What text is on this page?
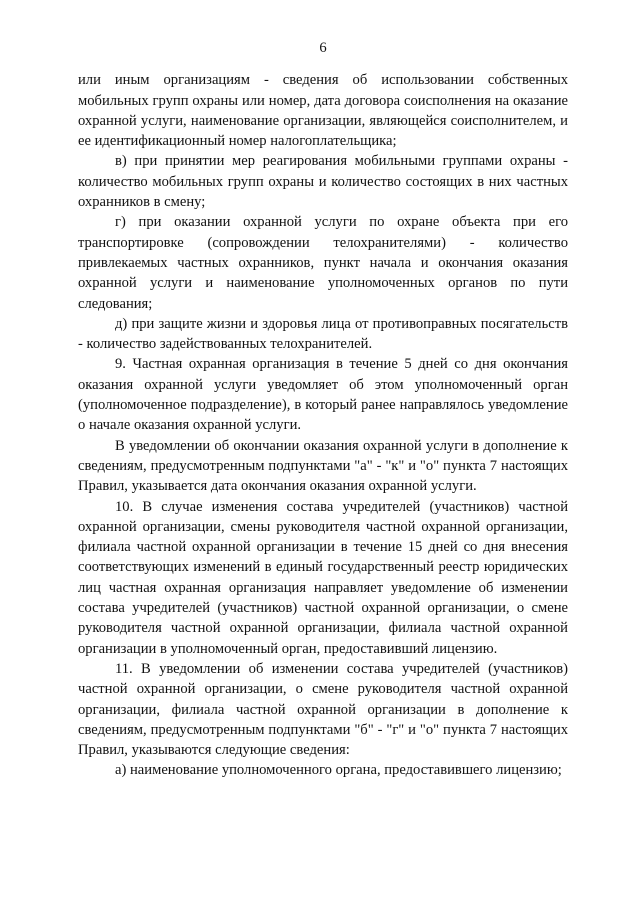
6

или иным организациям - сведения об использовании собственных мобильных групп охраны или номер, дата договора соисполнения на оказание охранной услуги, наименование организации, являющейся соисполнителем, и ее идентификационный номер налогоплательщика;

в) при принятии мер реагирования мобильными группами охраны - количество мобильных групп охраны и количество состоящих в них частных охранников в смену;

г) при оказании охранной услуги по охране объекта при его транспортировке (сопровождении телохранителями) - количество привлекаемых частных охранников, пункт начала и окончания оказания охранной услуги и наименование уполномоченных органов по пути следования;

д) при защите жизни и здоровья лица от противоправных посягательств - количество задействованных телохранителей.

9. Частная охранная организация в течение 5 дней со дня окончания оказания охранной услуги уведомляет об этом уполномоченный орган (уполномоченное подразделение), в который ранее направлялось уведомление о начале оказания охранной услуги.

В уведомлении об окончании оказания охранной услуги в дополнение к сведениям, предусмотренным подпунктами "а" - "к" и "о" пункта 7 настоящих Правил, указывается дата окончания оказания охранной услуги.

10. В случае изменения состава учредителей (участников) частной охранной организации, смены руководителя частной охранной организации, филиала частной охранной организации в течение 15 дней со дня внесения соответствующих изменений в единый государственный реестр юридических лиц частная охранная организация направляет уведомление об изменении состава учредителей (участников) частной охранной организации, о смене руководителя частной охранной организации, филиала частной охранной организации в уполномоченный орган, предоставивший лицензию.

11. В уведомлении об изменении состава учредителей (участников) частной охранной организации, о смене руководителя частной охранной организации, филиала частной охранной организации в дополнение к сведениям, предусмотренным подпунктами "б" - "г" и "о" пункта 7 настоящих Правил, указываются следующие сведения:

а) наименование уполномоченного органа, предоставившего лицензию;
